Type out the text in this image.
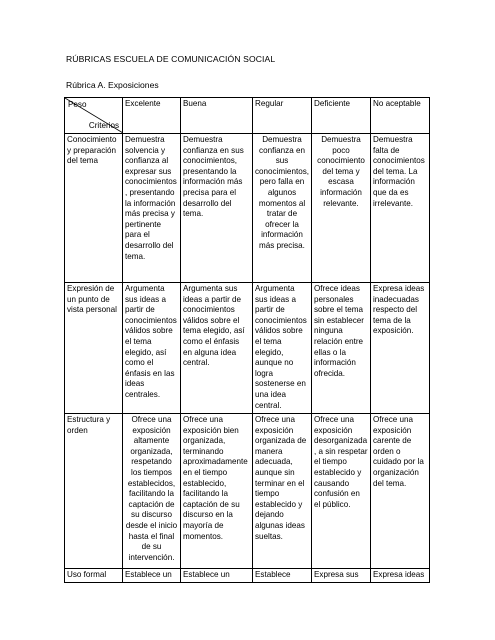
RÚBRICAS ESCUELA DE COMUNICACIÓN SOCIAL
Rúbrica A. Exposiciones
Peso
Criterios	Excelente	Buena	Regular	Deficiente	No aceptable
Conocimiento y preparación del tema	Demuestra solvencia y confianza al expresar sus conocimientos, presentando la información más precisa y pertinente para el desarrollo del tema.	Demuestra confianza en sus conocimientos, presentando la información más precisa para el desarrollo del tema.	Demuestra confianza en sus conocimientos, pero falla en algunos momentos al tratar de ofrecer la información más precisa.	Demuestra poco conocimiento del tema y escasa información relevante.	Demuestra falta de conocimientos del tema. La información que da es irrelevante.
Expresión de un punto de vista personal	Argumenta sus ideas a partir de conocimientos válidos sobre el tema elegido, así como el énfasis en las ideas centrales.	Argumenta sus ideas a partir de conocimientos válidos sobre el tema elegido, así como el énfasis en alguna idea central.	Argumenta sus ideas a partir de conocimientos válidos sobre el tema elegido, aunque no logra sostenerse en una idea central.	Ofrece ideas personales sobre el tema sin establecer ninguna relación entre ellas o la información ofrecida.	Expresa ideas inadecuadas respecto del tema de la exposición.
Estructura y orden	Ofrece una exposición altamente organizada, respetando los tiempos establecidos, facilitando la captación de su discurso desde el inicio hasta el final de su intervención.	Ofrece una exposición bien organizada, terminando aproximadamente en el tiempo establecido, facilitando la captación de su discurso en la mayoría de momentos.	Ofrece una exposición organizada de manera adecuada, aunque sin terminar en el tiempo establecido y dejando algunas ideas sueltas.	Ofrece una exposición desorganizada, a sin respetar el tiempo establecido y causando confusión en el público.	Ofrece una exposición carente de orden o cuidado por la organización del tema.
Uso formal	Establece un	Establece un	Establece	Expresa sus	Expresa ideas
